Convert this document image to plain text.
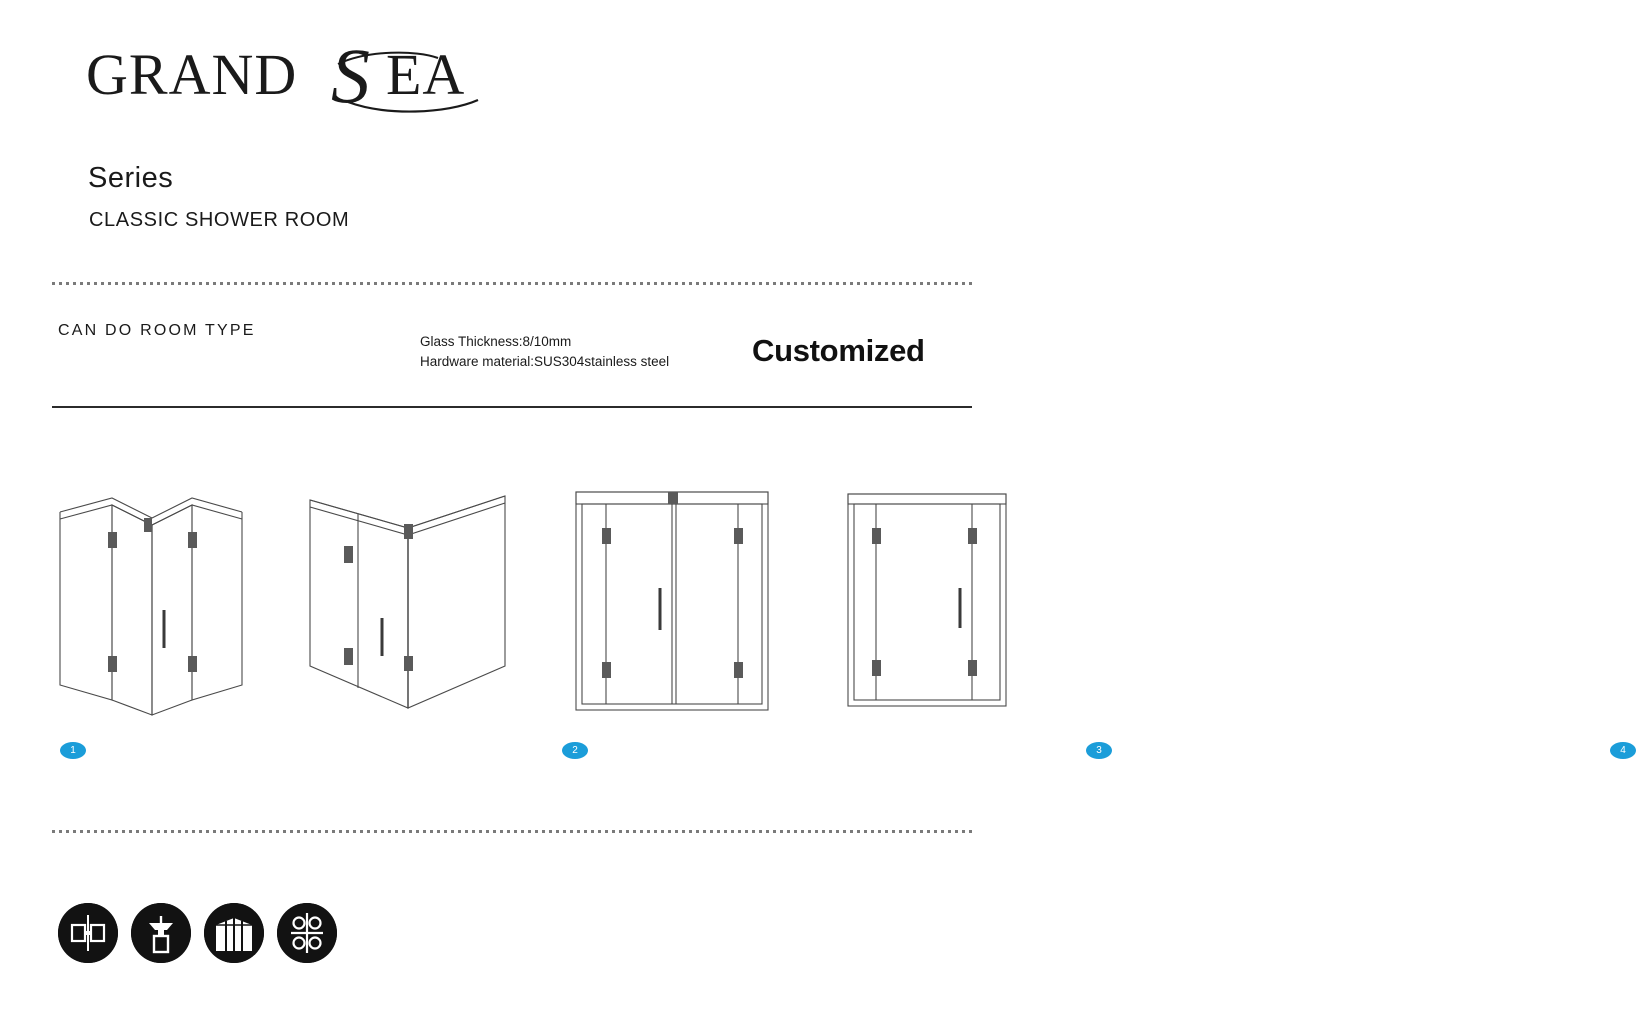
GRAND S EA
Series
CLASSIC SHOWER ROOM
CAN DO ROOM TYPE
Glass Thickness:8/10mm
Hardware material:SUS304stainless steel	Customized
1	2	3	4
